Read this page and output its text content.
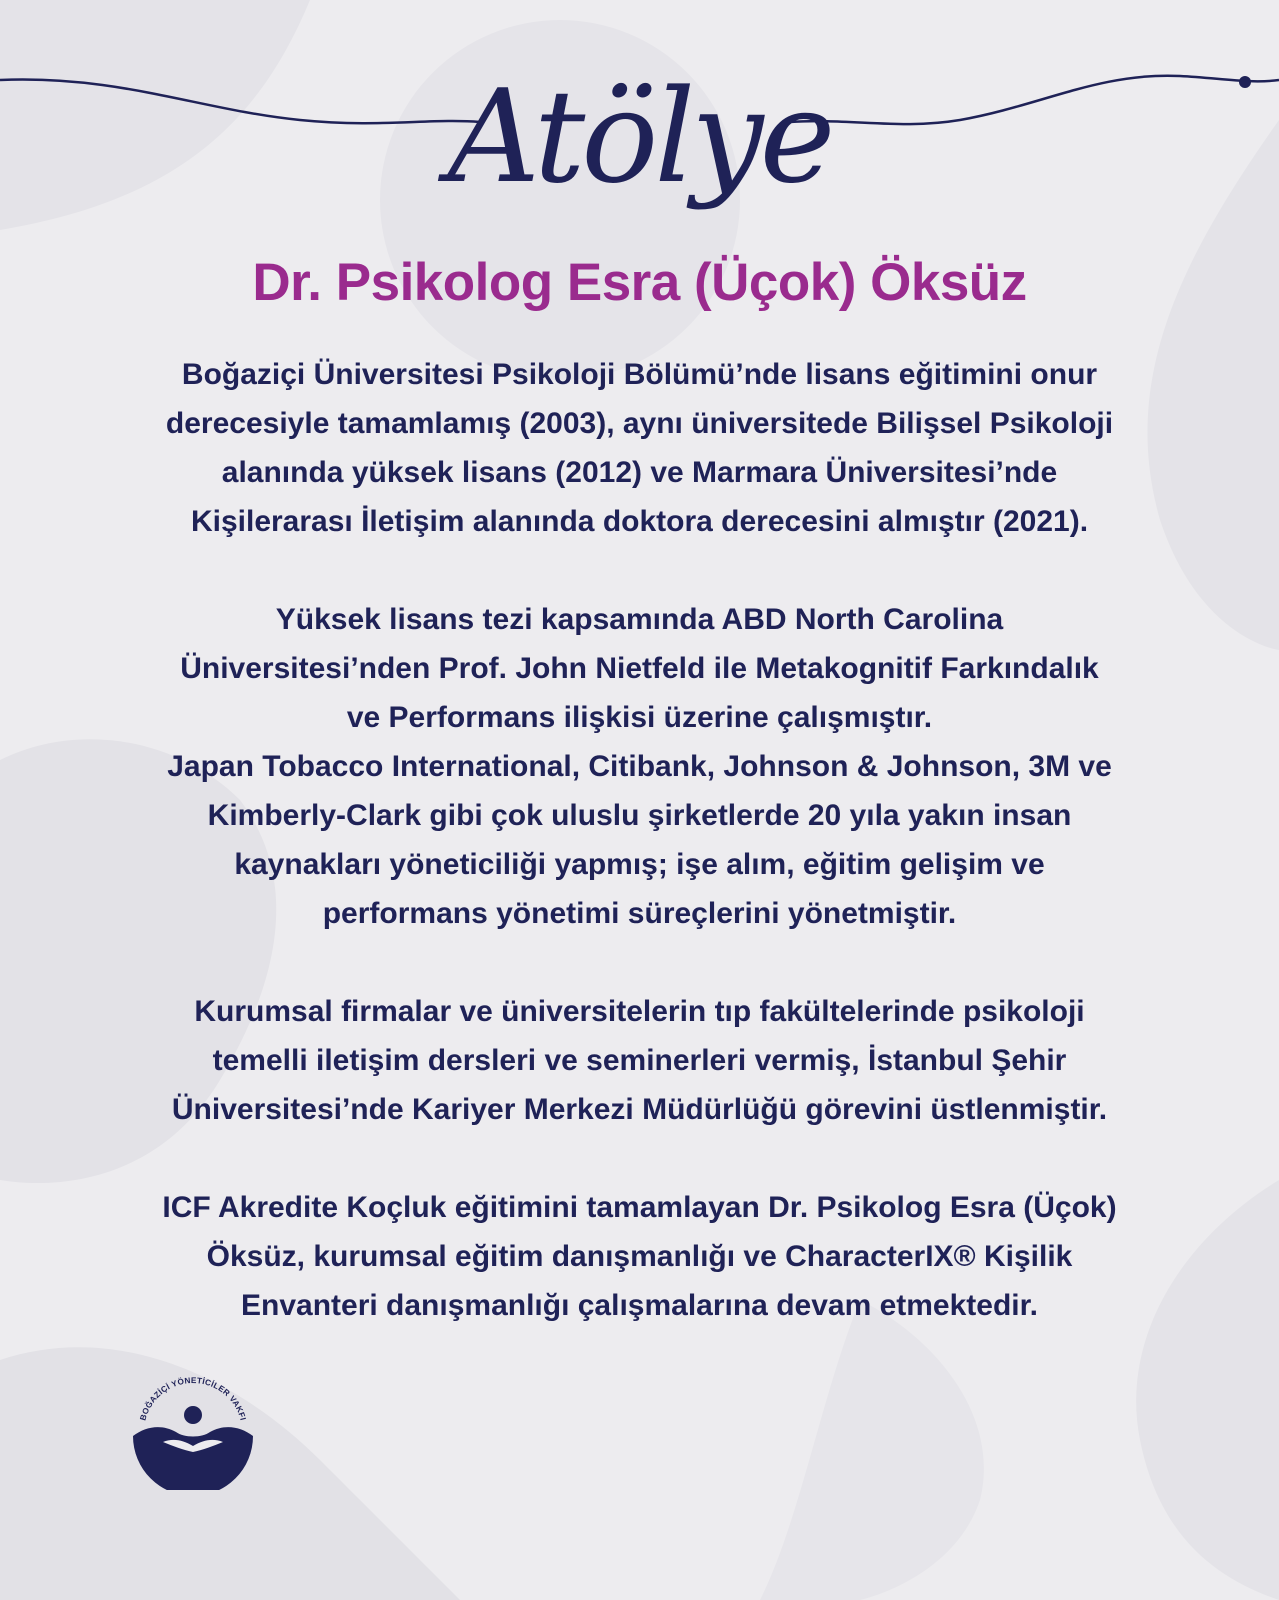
Atölye
Dr. Psikolog Esra (Üçok) Öksüz

Boğaziçi Üniversitesi Psikoloji Bölümü’nde lisans eğitimini onur
derecesiyle tamamlamış (2003), aynı üniversitede Bilişsel Psikoloji
alanında yüksek lisans (2012) ve Marmara Üniversitesi’nde
Kişilerarası İletişim alanında doktora derecesini almıştır (2021).

Yüksek lisans tezi kapsamında ABD North Carolina
Üniversitesi’nden Prof. John Nietfeld ile Metakognitif Farkındalık
ve Performans ilişkisi üzerine çalışmıştır.

Japan Tobacco International, Citibank, Johnson & Johnson, 3M ve
Kimberly-Clark gibi çok uluslu şirketlerde 20 yıla yakın insan
kaynakları yöneticiliği yapmış; işe alım, eğitim gelişim ve
performans yönetimi süreçlerini yönetmiştir.

Kurumsal firmalar ve üniversitelerin tıp fakültelerinde psikoloji
temelli iletişim dersleri ve seminerleri vermiş, İstanbul Şehir
Üniversitesi’nde Kariyer Merkezi Müdürlüğü görevini üstlenmiştir.

ICF Akredite Koçluk eğitimini tamamlayan Dr. Psikolog Esra (Üçok)
Öksüz, kurumsal eğitim danışmanlığı ve CharacterIX® Kişilik
Envanteri danışmanlığı çalışmalarına devam etmektedir.

BOĞAZİÇİ YÖNETİCİLER VAKFI
